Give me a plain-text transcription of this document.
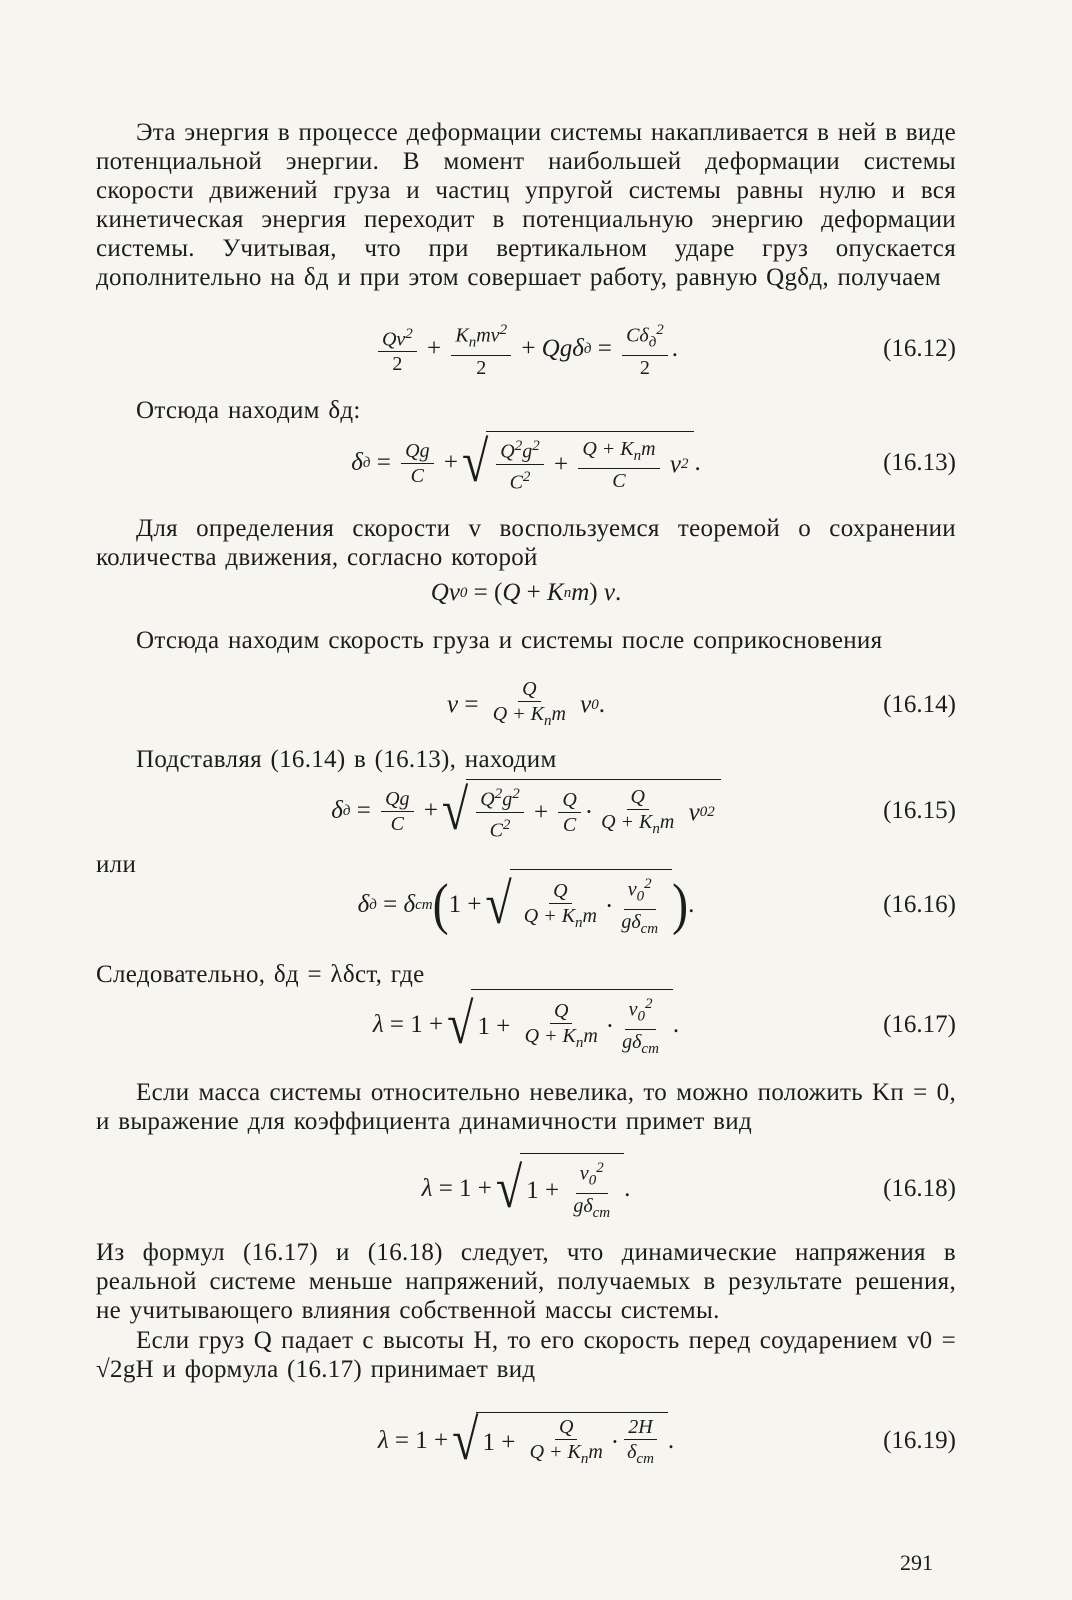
Эта энергия в процессе деформации системы накапливается в ней в виде потенциальной энергии. В момент наибольшей деформации системы скорости движений груза и частиц упругой системы равны нулю и вся кинетическая энергия переходит в потенциальную энергию деформации системы. Учитывая, что при вертикальном ударе груз опускается дополнительно на δд и при этом совершает работу, равную Qgδд, получаем
$\frac{Qv^2}{2} + \frac{K_пmv^2}{2} + Qg\delta$ $д = \frac{C\delta_д^2}{2}$ .	(16.12)
Отсюда находим δд:
δ $д = \frac{Qg}{C}$ + √ $\frac{Q^2g^2}{C^2} + \frac{Q + K_пm}{C}$ v 2 .	(16.13)
Для определения скорости v воспользуемся теоремой о сохранении количества движения, согласно которой
Qv 0 = ( Q + K п m ) v .
Отсюда находим скорость груза и системы после соприкосновения
$v = \frac{Q}{Q + K_пm}$ v 0 .	(16.14)
Подставляя (16.14) в (16.13), находим
δ $д = \frac{Qg}{C}$ + √ $\frac{Q^2g^2}{C^2} + \frac{Q}{C} \cdot \frac{Q}{Q + K_пm}$ v 0 2	(16.15)
или
δ д = δ ст ( 1 + √ $\frac{Q}{Q + K_пm} \cdot \frac{v_0^2}{g\delta_{ст}}$ ) .	(16.16)
Следовательно, δд = λδст, где
λ = 1 + √ $1 + \frac{Q}{Q + K_пm} \cdot \frac{v_0^2}{g\delta_{ст}}$ .	(16.17)
Если масса системы относительно невелика, то можно положить Kп = 0, и выражение для коэффициента динамичности примет вид
λ = 1 + √ $1 + \frac{v_0^2}{g\delta_{ст}}$ .	(16.18)
Из формул (16.17) и (16.18) следует, что динамические напряжения в реальной системе меньше напряжений, получаемых в результате решения, не учитывающего влияния собственной массы системы.
Если груз Q падает с высоты H, то его скорость перед соударением v0 = √2gH и формула (16.17) принимает вид
λ = 1 + √ $1 + \frac{Q}{Q + K_пm} \cdot \frac{2H}{\delta_{ст}}$ .	(16.19)
291
